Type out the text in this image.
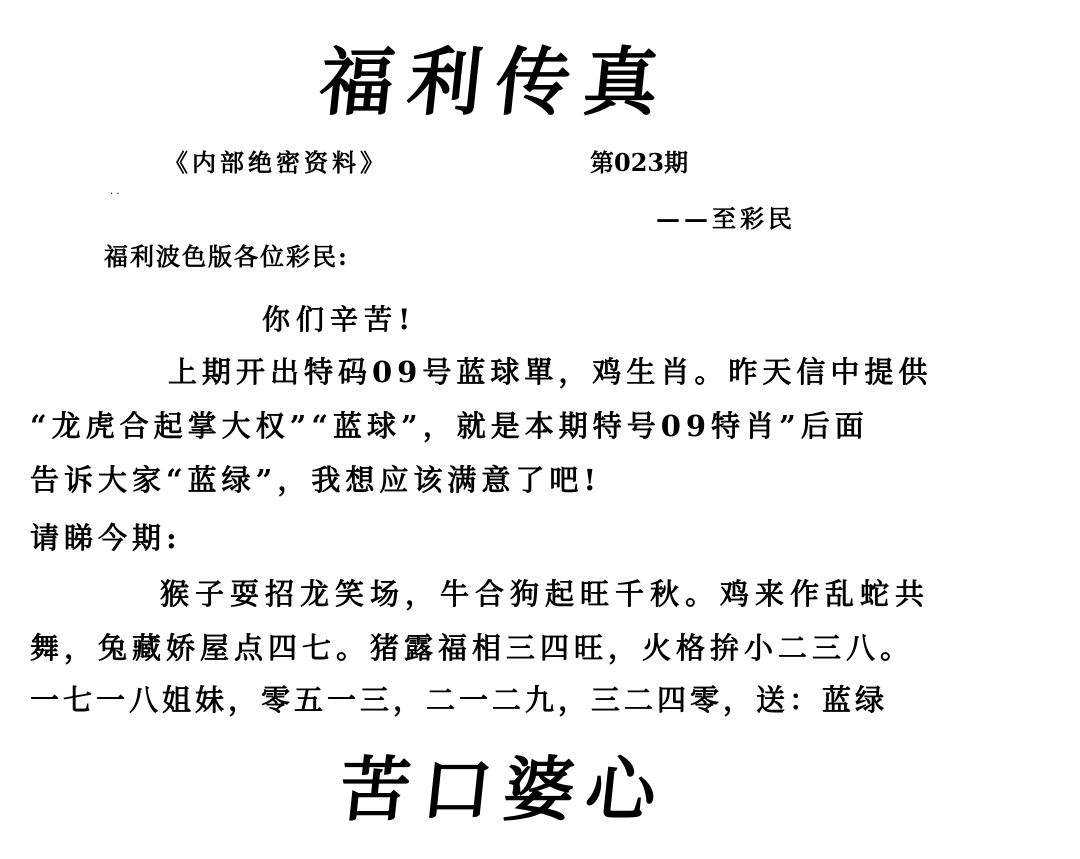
福利传真
《内部绝密资料》	第023期
· ·
——至彩民
福利波色版各位彩民:
你们辛苦!
上期开出特码09号蓝球單，鸡生肖。昨天信中提供
“龙虎合起掌大权”“蓝球”，就是本期特号09特肖”后面
告诉大家“蓝绿”，我想应该满意了吧!
请睇今期:
猴子耍招龙笑场，牛合狗起旺千秋。鸡来作乱蛇共
舞，兔藏娇屋点四七。猪露福相三四旺，火格拚小二三八。
一七一八姐妹，零五一三，二一二九，三二四零，送：蓝绿
苦口婆心
